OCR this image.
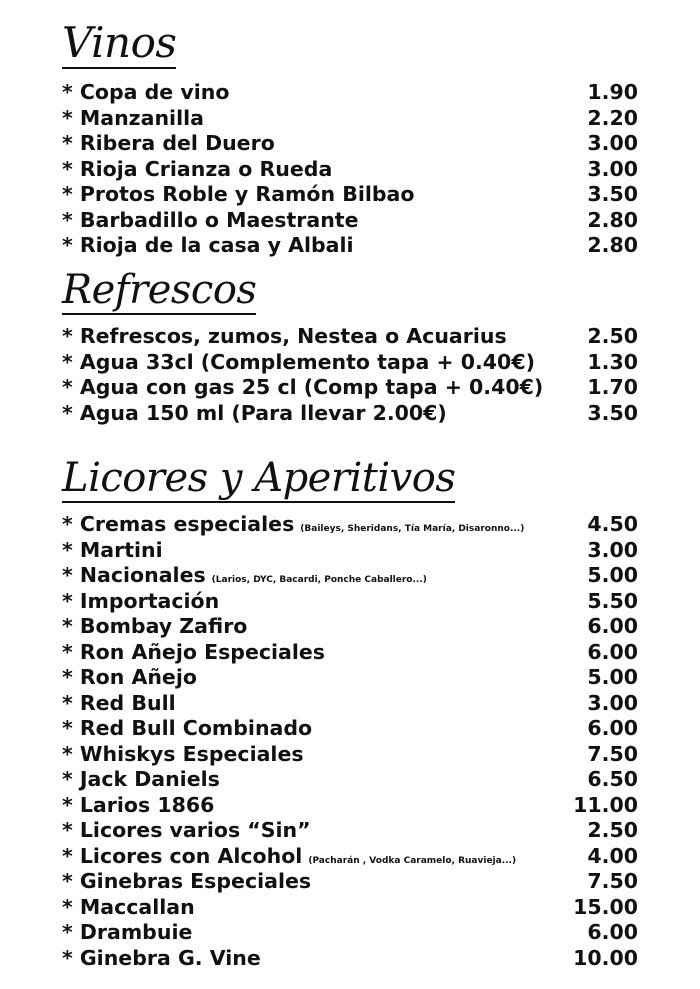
Vinos
* Copa de vino	1.90
* Manzanilla	2.20
* Ribera del Duero	3.00
* Rioja Crianza o Rueda	3.00
* Protos Roble y Ramón Bilbao	3.50
* Barbadillo o Maestrante	2.80
* Rioja de la casa y Albali	2.80
Refrescos
* Refrescos, zumos, Nestea o Acuarius	2.50
* Agua 33cl (Complemento tapa + 0.40€)	1.30
* Agua con gas 25 cl (Comp tapa + 0.40€)	1.70
* Agua 150 ml (Para llevar 2.00€)	3.50
Licores y Aperitivos
* Cremas especiales (Baileys, Sheridans, Tía María, Disaronno...)	4.50
* Martini	3.00
* Nacionales (Larios, DYC, Bacardi, Ponche Caballero...)	5.00
* Importación	5.50
* Bombay Zafiro	6.00
* Ron Añejo Especiales	6.00
* Ron Añejo	5.00
* Red Bull	3.00
* Red Bull Combinado	6.00
* Whiskys Especiales	7.50
* Jack Daniels	6.50
* Larios 1866	11.00
* Licores varios “Sin”	2.50
* Licores con Alcohol (Pacharán , Vodka Caramelo, Ruavieja...)	4.00
* Ginebras Especiales	7.50
* Maccallan	15.00
* Drambuie	6.00
* Ginebra G. Vine	10.00
